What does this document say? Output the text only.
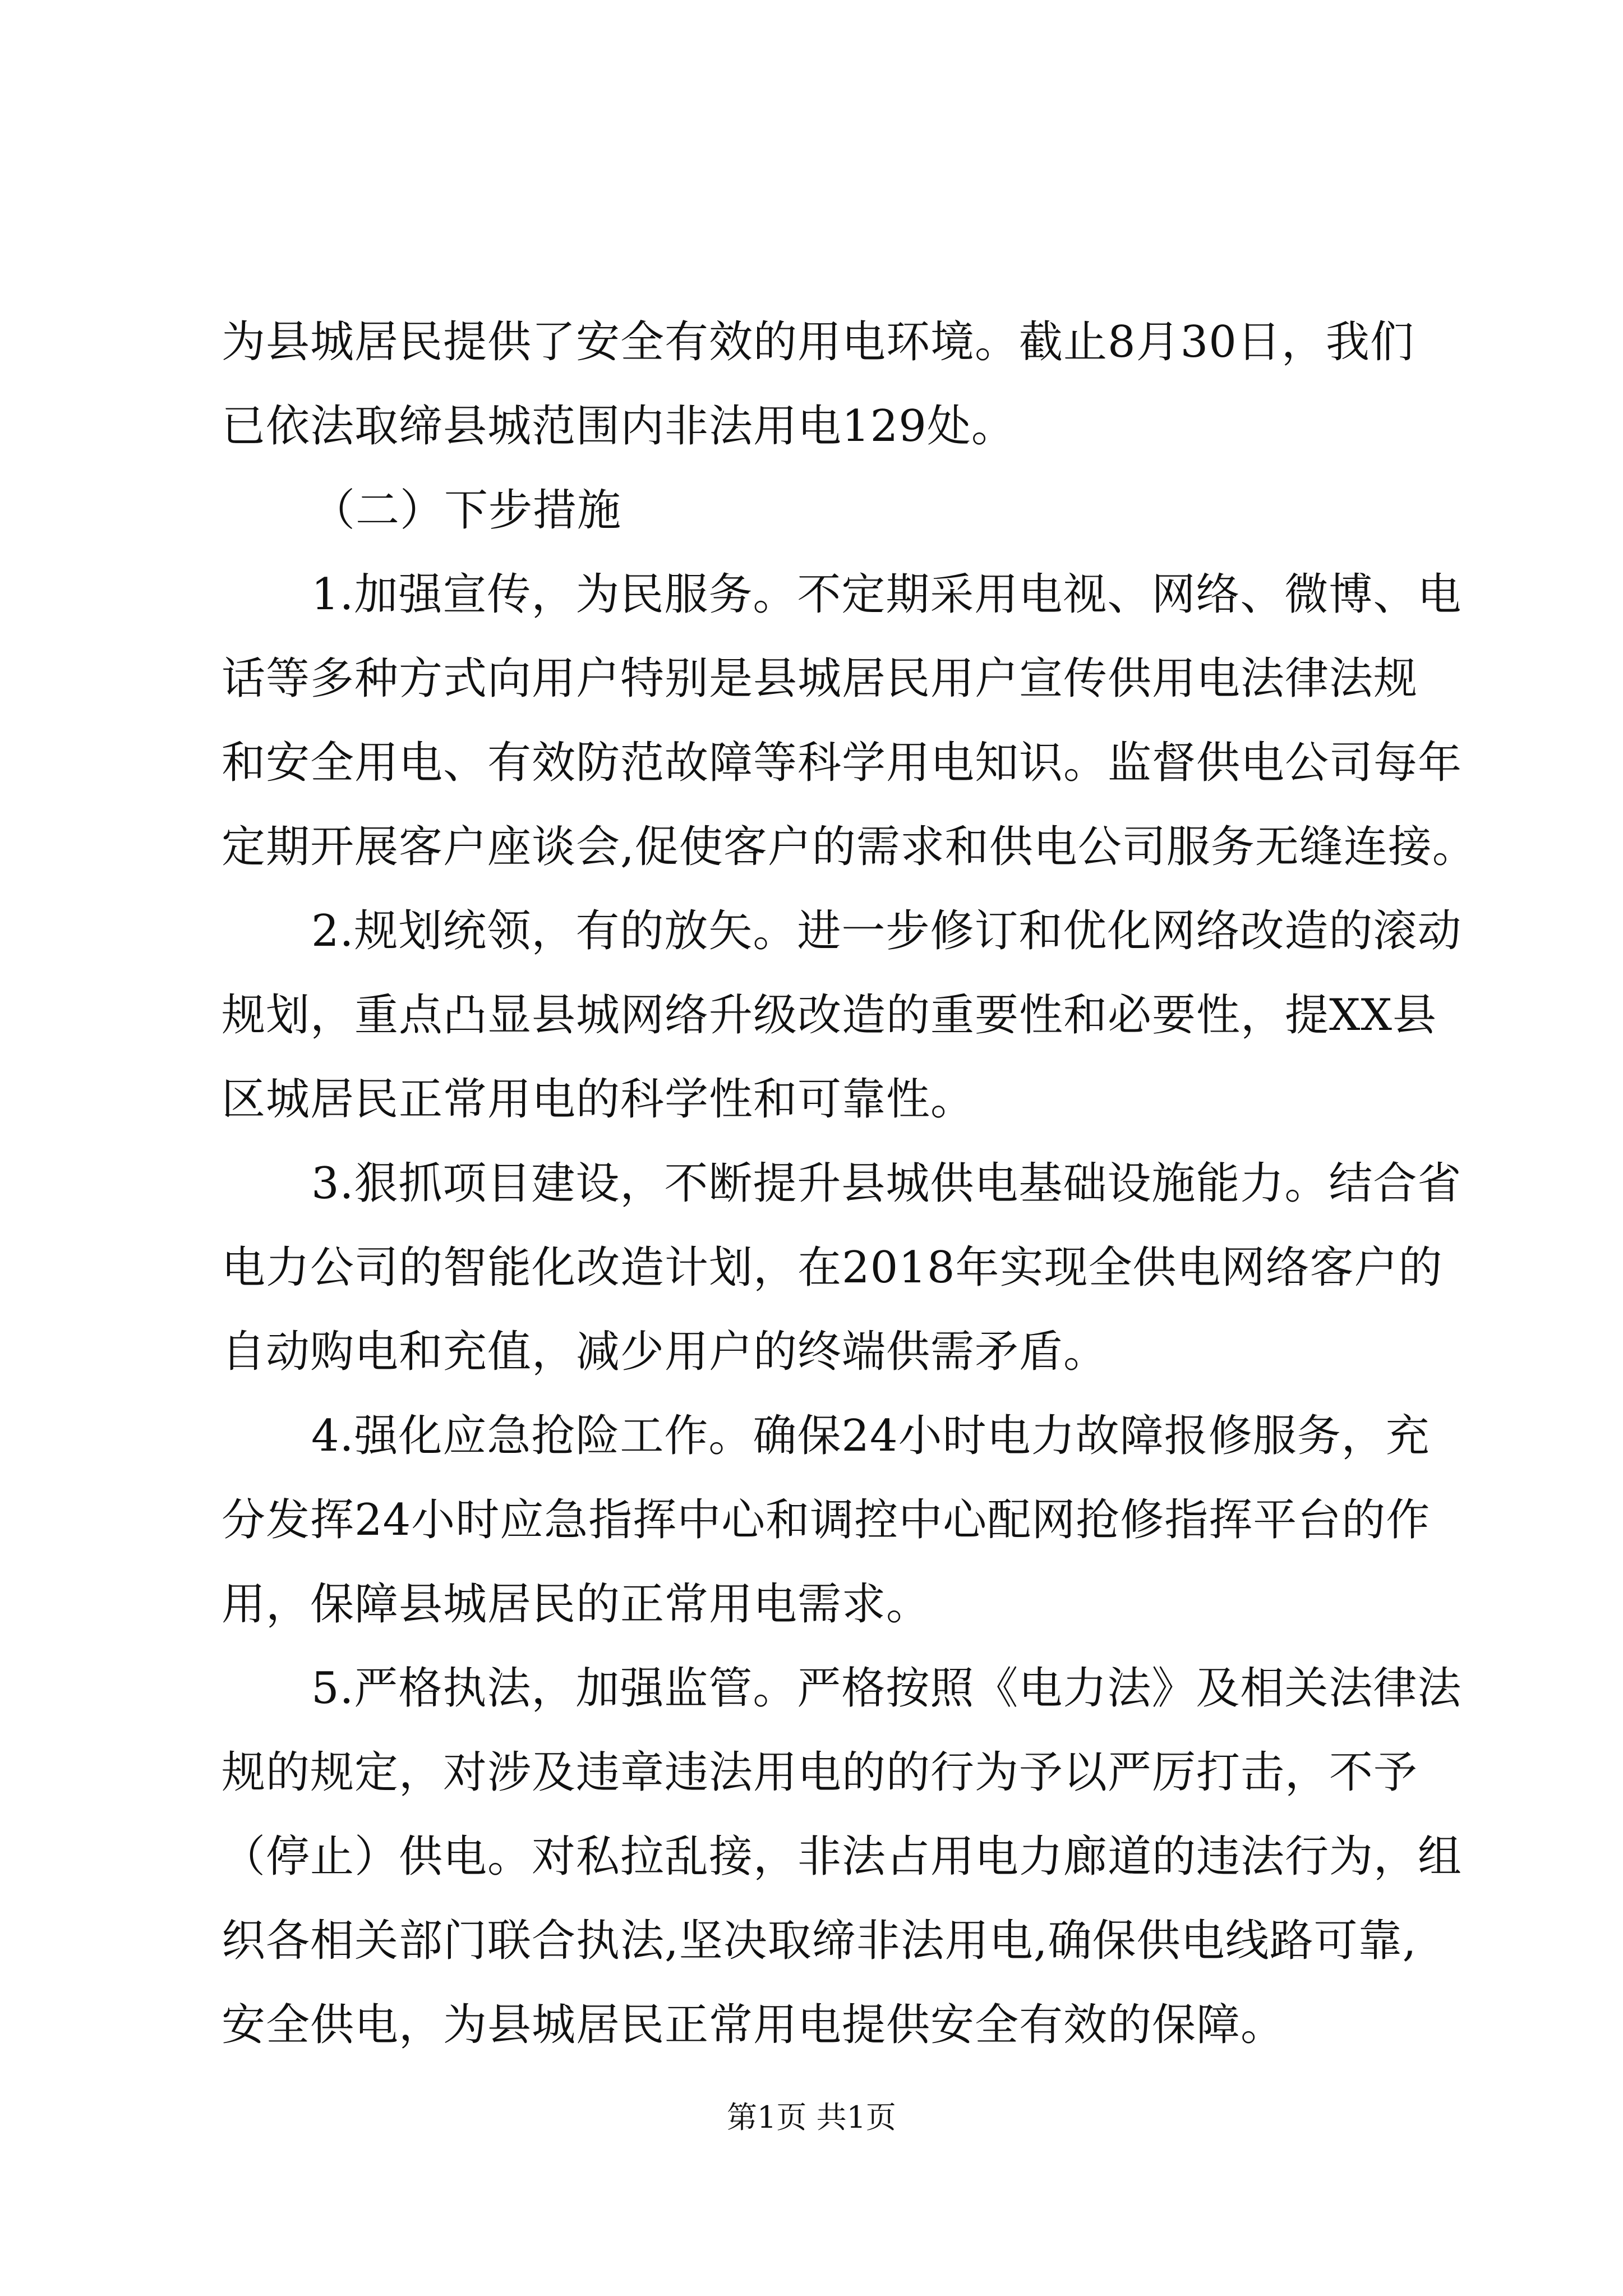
为县城居民提供了安全有效的用电环境。截止8月30日，我们
已依法取缔县城范围内非法用电129处。
（二）下步措施
1.加强宣传，为民服务。不定期采用电视、网络、微博、电
话等多种方式向用户特别是县城居民用户宣传供用电法律法规
和安全用电、有效防范故障等科学用电知识。监督供电公司每年
定期开展客户座谈会,促使客户的需求和供电公司服务无缝连接。
2.规划统领，有的放矢。进一步修订和优化网络改造的滚动
规划，重点凸显县城网络升级改造的重要性和必要性，提XX县
区城居民正常用电的科学性和可靠性。
3.狠抓项目建设，不断提升县城供电基础设施能力。结合省
电力公司的智能化改造计划，在2018年实现全供电网络客户的
自动购电和充值，减少用户的终端供需矛盾。
4.强化应急抢险工作。确保24小时电力故障报修服务，充
分发挥24小时应急指挥中心和调控中心配网抢修指挥平台的作
用，保障县城居民的正常用电需求。
5.严格执法，加强监管。严格按照《电力法》及相关法律法
规的规定，对涉及违章违法用电的的行为予以严厉打击，不予
（停止）供电。对私拉乱接，非法占用电力廊道的违法行为，组
织各相关部门联合执法,坚决取缔非法用电,确保供电线路可靠,
安全供电，为县城居民正常用电提供安全有效的保障。
第1页 共1页
